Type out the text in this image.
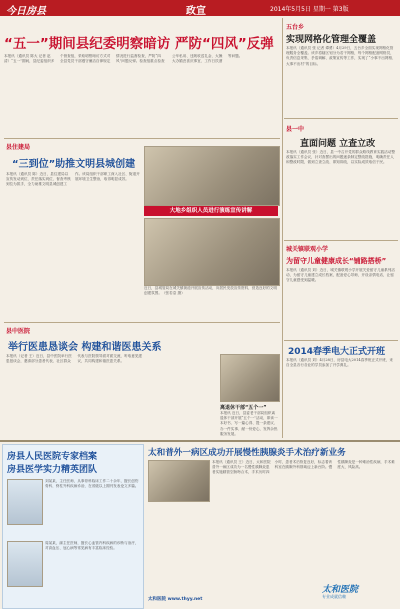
今日房县	政宣	2014年5月5日 星期一 第3版
“五一”期间县纪委明察暗访 严防“四风”反弹
本报讯（通讯员 陈大 记者 赵清）“五一”期间，县纪委组织多个督查组，采取明察暗访方式对全县党员干部遵守廉洁自律规定情况进行监督检查，严防“四风”问题反弹。检查组重点检查公车私用、违规收送礼金、大操大办婚丧喜庆事宜、工作日饮酒等问题。
五台乡
实现网格化管理全覆盖
本报讯（通讯员 张 记者 谭勇）4月29日，五台乡全面实现网格化管理服务全覆盖。该乡将辖区划分为若干网格，每个网格配备网格员，负责信息采集、矛盾调解、政策宣传等工作，实现了“小事不出网格、大事不出村”的目标。
县一中
直面问题 立查立改
本报讯（通讯员 张）近日，县一中召开党的群众路线教育实践活动整改落实工作会议，针对查摆出的问题逐条制定整改措施，明确责任人和整改时限，做到立查立改、即知即改，以实际成效取信于民。
城关镇联观小学
为留守儿童健康成长“铺路搭桥”
本报讯（通讯员 刘）近日，城关镇联观小学开展关爱留守儿童系列活动，为留守儿童建立成长档案，配备爱心导师，开设亲情电话，让留守儿童感受到温暖。
2014春季电大正式开班
本报讯（通讯员 刘）4月28日，房县电大2014春季班正式开班，来自全县各行各业的学员参加了开学典礼。
县住建局
“三到位”助推文明县城创建
本报讯（通讯员 陈）近日，县住建局以宣传发动到位、责任落实到位、督查考核到位为抓手，全力助推文明县城创建工作。该局组织干部职工深入社区、街道开展环境卫生整治，取得明显成效。
大地乡组织人员进行演练宣传讲解
近日，县城管局在城关镇街道开展宣传活动，向居民发放宣传资料，营造良好的文明创建氛围。（张若壹 摄）
县中医院
举行医患恳谈会 构建和谐医患关系
本报讯（记者 王）近日，县中医院举行医患恳谈会，邀请部分患者代表、社区群众代表与医院领导面对面交流，听取意见建议，共同构建和谐医患关系。
离退休干部“五个一”
本报讯 近日，县委老干部局组织离退休干部开展“五个一”活动，即读一本好书、写一篇心得、提一条建议、办一件实事、献一份爱心，发挥余热服务发展。
房县人民医院专家档案
房县医学实力精英团队
刘某某，主任医师，从事骨科临床工作二十余年，擅长创伤骨科、脊柱外科疾病诊治，在省级以上期刊发表论文多篇。
周某某，副主任医师，擅长心血管内科疾病的诊断与治疗，对高血压、冠心病等常见病有丰富临床经验。
太和普外一病区成功开展慢性胰腺炎手术治疗新业务
本报讯（通讯员 王）近日，太和医院普外一病区成功为一名慢性胰腺炎患者实施胰管空肠吻合术，手术历时四小时，患者术后恢复良好，标志着该科室在胰腺外科领域迈上新台阶。慢性胰腺炎是一种难治性疾病，手术难度大、风险高。
太和医院
专业成就信赖
太和医院 www.thyy.net
